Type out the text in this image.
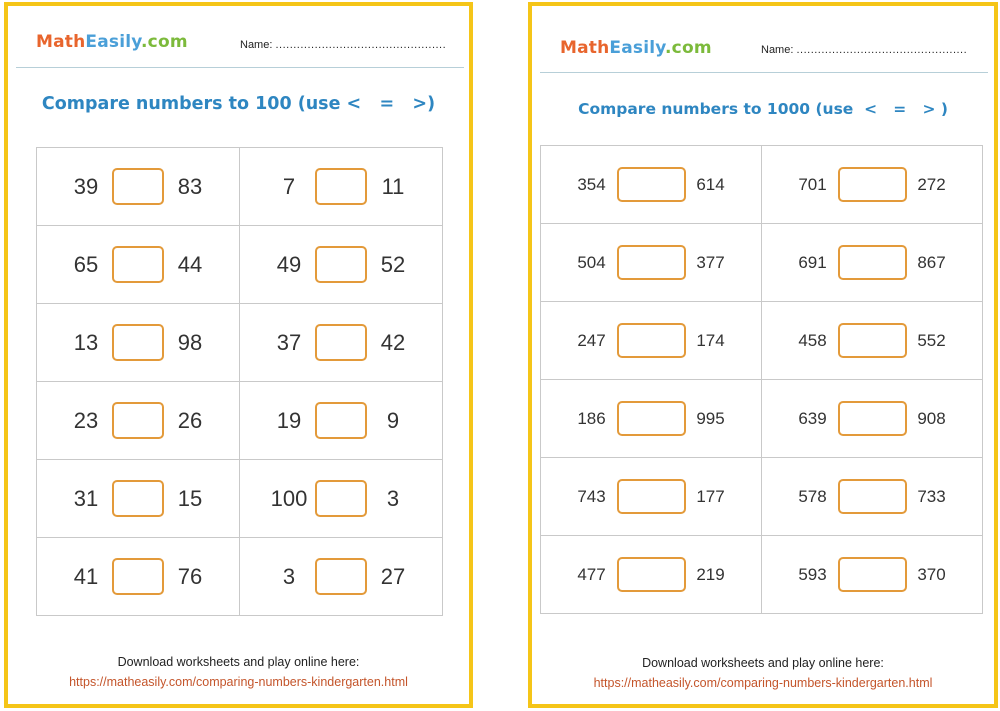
MathEasily.com	Name: ................................................
Compare numbers to 100 (use <   =   >)
39 83	7 11

65 44	49 52

13 98	37 42

23 26	19 9

31 15	100 3

41 76	3 27
Download worksheets and play online here:
https://matheasily.com/comparing-numbers-kindergarten.html
MathEasily.com	Name: ................................................
Compare numbers to 1000 (use  <   =   > )
354 614	701 272

504 377	691 867

247 174	458 552

186 995	639 908

743 177	578 733

477 219	593 370
Download worksheets and play online here:
https://matheasily.com/comparing-numbers-kindergarten.html
